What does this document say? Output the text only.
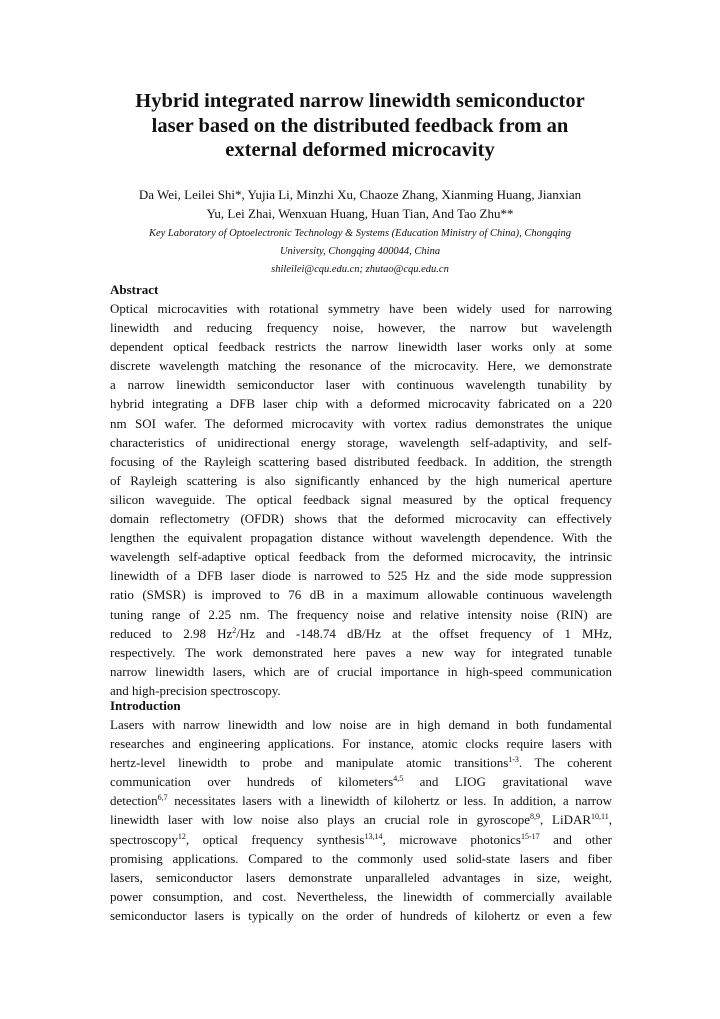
Hybrid integrated narrow linewidth semiconductor
laser based on the distributed feedback from an
external deformed microcavity

Da Wei, Leilei Shi*, Yujia Li, Minzhi Xu, Chaoze Zhang, Xianming Huang, Jianxian
Yu, Lei Zhai, Wenxuan Huang, Huan Tian, And Tao Zhu**

Key Laboratory of Optoelectronic Technology & Systems (Education Ministry of China), Chongqing
University, Chongqing 400044, China

shileilei@cqu.edu.cn; zhutao@cqu.edu.cn

Abstract
Optical microcavities with rotational symmetry have been widely used for narrowing
linewidth and reducing frequency noise, however, the narrow but wavelength
dependent optical feedback restricts the narrow linewidth laser works only at some
discrete wavelength matching the resonance of the microcavity. Here, we demonstrate
a narrow linewidth semiconductor laser with continuous wavelength tunability by
hybrid integrating a DFB laser chip with a deformed microcavity fabricated on a 220
nm SOI wafer. The deformed microcavity with vortex radius demonstrates the unique
characteristics of unidirectional energy storage, wavelength self-adaptivity, and self-
focusing of the Rayleigh scattering based distributed feedback. In addition, the strength
of Rayleigh scattering is also significantly enhanced by the high numerical aperture
silicon waveguide. The optical feedback signal measured by the optical frequency
domain reflectometry (OFDR) shows that the deformed microcavity can effectively
lengthen the equivalent propagation distance without wavelength dependence. With the
wavelength self-adaptive optical feedback from the deformed microcavity, the intrinsic
linewidth of a DFB laser diode is narrowed to 525 Hz and the side mode suppression
ratio (SMSR) is improved to 76 dB in a maximum allowable continuous wavelength
tuning range of 2.25 nm. The frequency noise and relative intensity noise (RIN) are
reduced to 2.98 Hz$^2$/Hz and -148.74 dB/Hz at the offset frequency of 1 MHz,
respectively. The work demonstrated here paves a new way for integrated tunable
narrow linewidth lasers, which are of crucial importance in high-speed communication
and high-precision spectroscopy.
Introduction
Lasers with narrow linewidth and low noise are in high demand in both fundamental
researches and engineering applications. For instance, atomic clocks require lasers with
hertz-level linewidth to probe and manipulate atomic transitions$^{1-3}$. The coherent
communication over hundreds of kilometers$^{4,5}$ and LIOG gravitational wave
detection$^{6,7}$ necessitates lasers with a linewidth of kilohertz or less. In addition, a narrow
linewidth laser with low noise also plays an crucial role in gyroscope$^{8,9}$, LiDAR$^{10,11}$,
spectroscopy$^{12}$, optical frequency synthesis$^{13,14}$, microwave photonics$^{15-17}$ and other
promising applications. Compared to the commonly used solid-state lasers and fiber
lasers, semiconductor lasers demonstrate unparalleled advantages in size, weight,
power consumption, and cost. Nevertheless, the linewidth of commercially available
semiconductor lasers is typically on the order of hundreds of kilohertz or even a few
